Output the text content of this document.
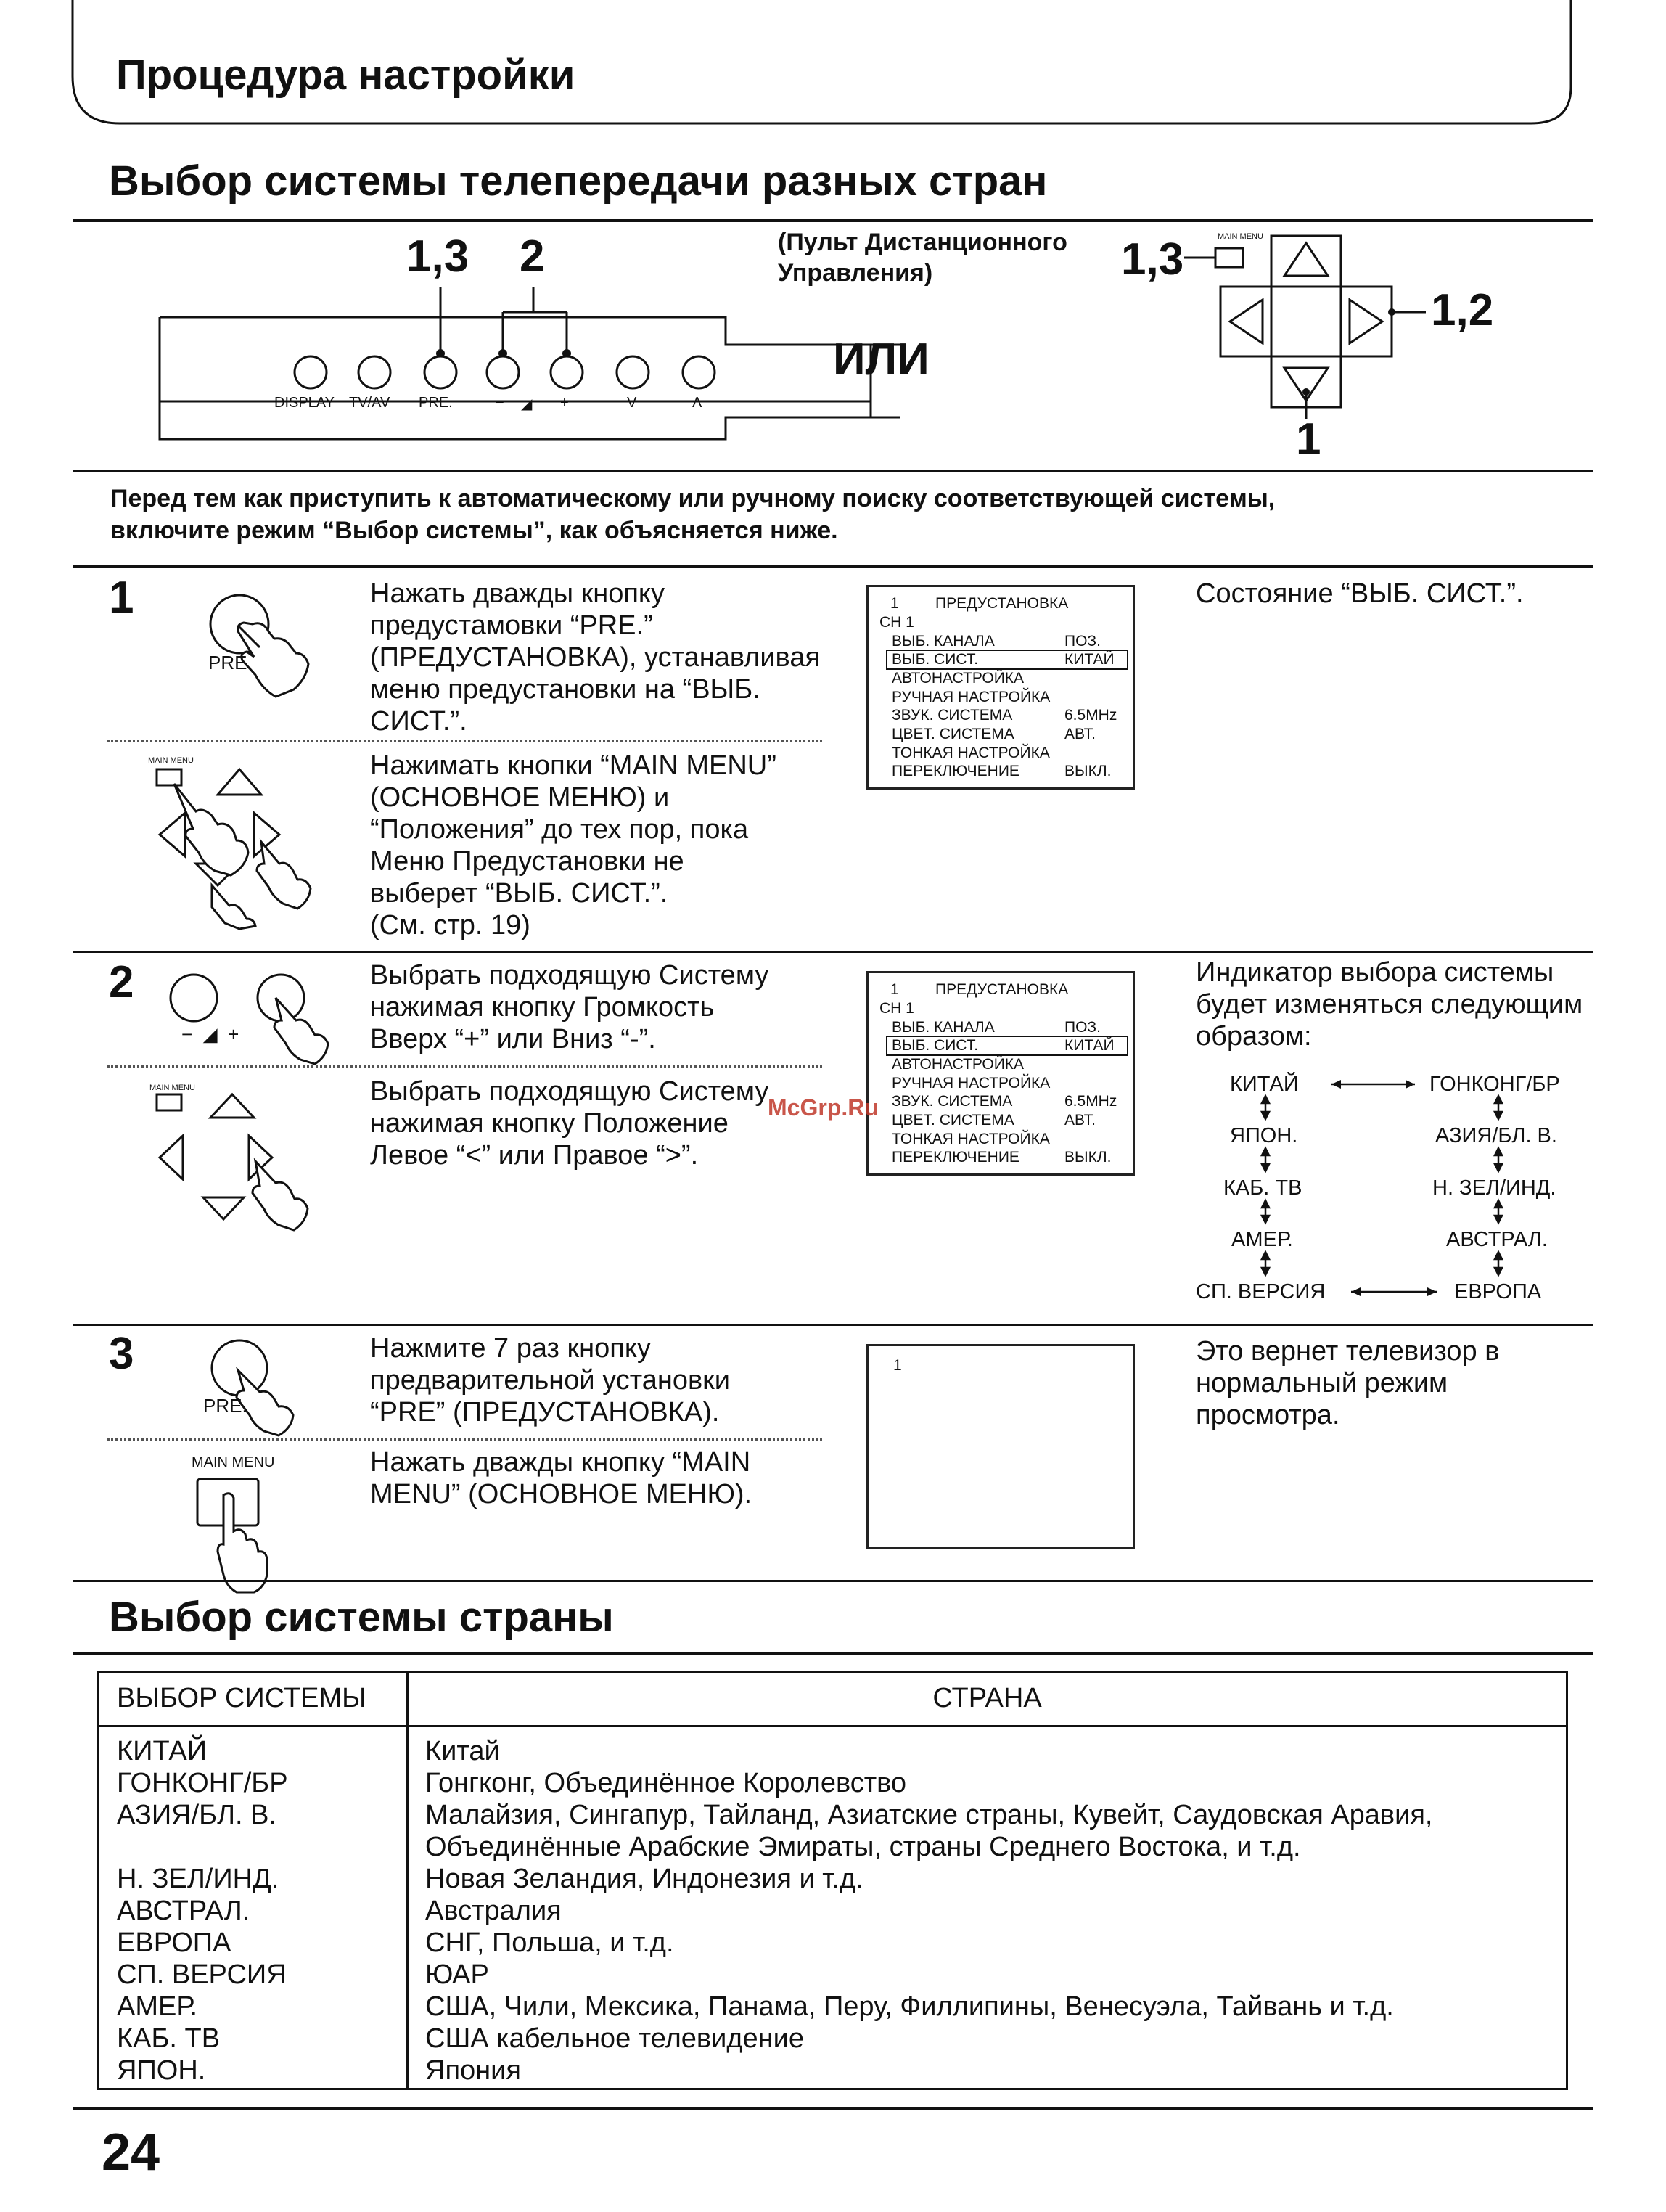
Процедура настройки
Выбор системы телепередачи разных стран
1,3 2
DISPLAY TV/AV PRE.	− ◢ +	V	Λ
ИЛИ
(Пульт Дистанционного
Управления)	1,3	MAIN MENU
1,2
1
Перед тем как приступить к автоматическому или ручному поиску соответствующей системы,
включите режим “Выбор системы”, как объясняется ниже.
1
PRE.
Нажать дважды кнопку
предустамовки “PRE.”
(ПРЕДУСТАНОВКА), устанавливая
меню предустановки на “ВЫБ.
СИСТ.”.
MAIN MENU	Нажимать кнопки “MAIN MENU”
(ОСНОВНОЕ МЕНЮ) и
“Положения” до тех пор, пока
Меню Предустановки не
выберет “ВЫБ. СИСТ.”.
(См. стр. 19)
1 ПРЕДУСТАНОВКА
CH 1
ВЫБ. КАНАЛА	ПОЗ.
ВЫБ. СИСТ.	КИТАЙ
АВТОНАСТРОЙКА
РУЧНАЯ НАСТРОЙКА
ЗВУК. СИСТЕМА	6.5MHz
ЦВЕТ. СИСТЕМА	АВТ.
ТОНКАЯ НАСТРОЙКА
ПЕРЕКЛЮЧЕНИЕ	ВЫКЛ.
Состояние “ВЫБ. СИСТ.”.
2
−  ◢  +
Выбрать подходящую Систему
нажимая кнопку Громкость
Вверх “+” или Вниз “-”.
MAIN MENU	Выбрать подходящую Систему
нажимая кнопку Положение
Левое “<” или Правое “>”.
1 ПРЕДУСТАНОВКА
CH 1
ВЫБ. КАНАЛА	ПОЗ.
ВЫБ. СИСТ.	КИТАЙ
АВТОНАСТРОЙКА
РУЧНАЯ НАСТРОЙКА
ЗВУК. СИСТЕМА	6.5MHz
ЦВЕТ. СИСТЕМА	АВТ.
ТОНКАЯ НАСТРОЙКА
ПЕРЕКЛЮЧЕНИЕ	ВЫКЛ.
McGrp.Ru
Индикатор выбора системы
будет изменяться следующим
образом:
КИТАЙ
ЯПОН.
КАБ. ТВ
АМЕР.
СП. ВЕРСИЯ
ГОНКОНГ/БР
АЗИЯ/БЛ. В.
Н. ЗЕЛ/ИНД.
АВСТРАЛ.
ЕВРОПА
3
PRE.
Нажмите 7 раз кнопку
предварительной установки
“PRE” (ПРЕДУСТАНОВКА).
MAIN MENU	Нажать дважды кнопку “MAIN
MENU” (ОСНОВНОЕ МЕНЮ).
1	Это вернет телевизор в
нормальный режим
просмотра.
Выбор системы страны
ВЫБОР СИСТЕМЫ	СТРАНА
КИТАЙ	Китай
ГОНКОНГ/БР	Гонгконг, Объединённое Королевство
АЗИЯ/БЛ. В.	Малайзия, Сингапур, Тайланд, Азиатские страны, Кувейт, Саудовская Аравия,
Объединённые Арабские Эмираты, страны Среднего Востока, и т.д.
Н. ЗЕЛ/ИНД.	Новая Зеландия, Индонезия и т.д.
АВСТРАЛ.	Австралия
ЕВРОПА	СНГ, Польша, и т.д.
СП. ВЕРСИЯ	ЮАР
АМЕР.	США, Чили, Мексика, Панама, Перу, Филлипины, Венесуэла, Тайвань и т.д.
КАБ. ТВ	США кабельное телевидение
ЯПОН.	Япония
24
